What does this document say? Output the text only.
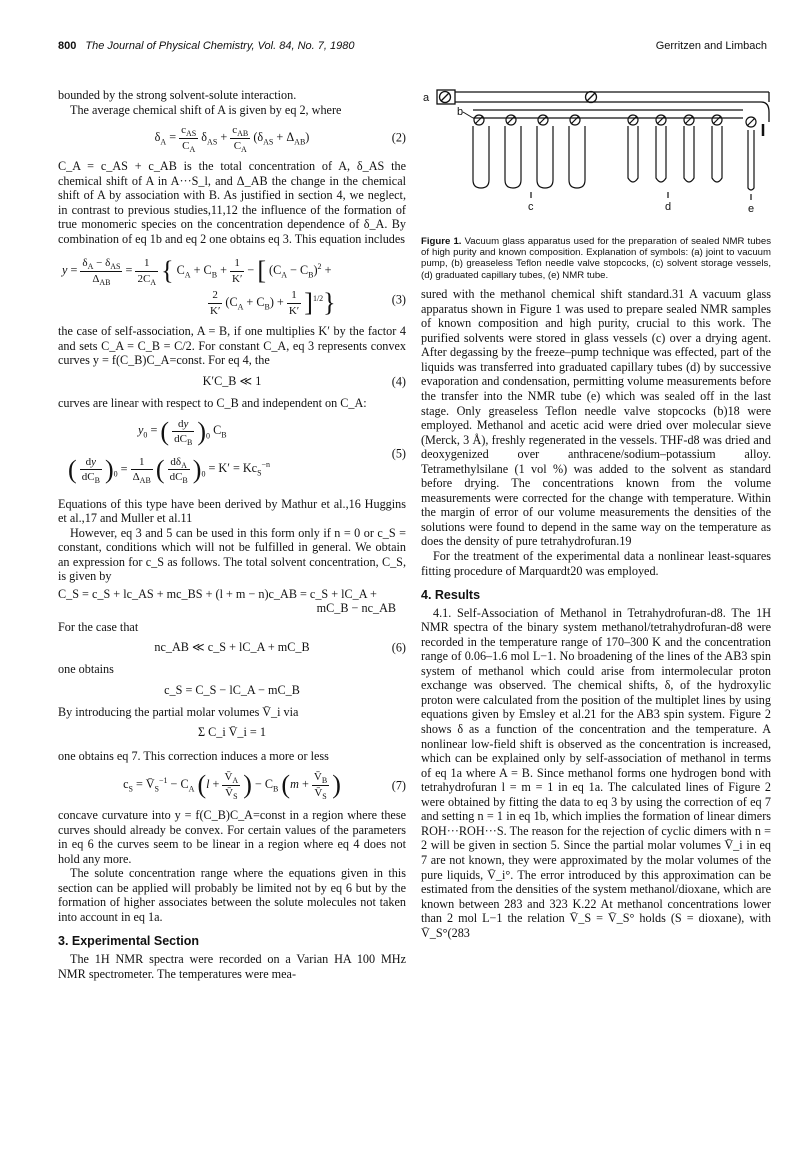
800 The Journal of Physical Chemistry, Vol. 84, No. 7, 1980	Gerritzen and Limbach

bounded by the strong solvent-solute interaction.

The average chemical shift of A is given by eq 2, where

$\delta_A = c_{AS}$
$C_A$
$\delta_{AS} + c_{AB}$
$C_A$
$(\delta_{AS} + \Delta_{AB})$	(2)

C_A = c_AS + c_AB is the total concentration of A, δ_AS the chemical shift of A in A···S_l, and Δ_AB the change in the chemical shift of A by association with B. As justified in section 4, we neglect, in contrast to previous studies,11,12 the influence of the formation of true monomeric species on the concentration dependence of δ_A. By combination of eq 1b and eq 2 one obtains eq 3. This equation includes

$y = \delta_A - \delta_{AS}$
$\Delta_{AB}$
= $\frac{1}{2C_A}$ { $C_A + C_B + \frac{1}{K'}$ − [ $(C_A - C_B)^2$ +
$\frac{2}{K'} (C_A + C_B) + \frac{1}{K'} ]^{1/2}$}	(3)

the case of self-association, A = B, if one multiplies K′ by the factor 4 and sets C_A = C_B = C/2. For constant C_A, eq 3 represents convex curves y = f(C_B)C_A=const. For eq 4, the

K′C_B ≪ 1	(4)

curves are linear with respect to C_B and independent on C_A:

$y_0$ = ( dy
$dC_B$ )$_0$ $C_B$
( dy
$dC_B$ )$_0 = 1$
$\Delta_{AB}$ ( $d\delta_A$
$dC_B$ )$_0 = K' = Kc_S^{-n}$
(5)

Equations of this type have been derived by Mathur et al.,16 Huggins et al.,17 and Muller et al.11

However, eq 3 and 5 can be used in this form only if n = 0 or c_S = constant, conditions which will not be fulfilled in general. We obtain an expression for c_S as follows. The total solvent concentration, C_S, is given by

C_S = c_S + lc_AS + mc_BS + (l + m − n)c_AB = c_S + lC_A +
mC_B − nc_AB

For the case that

nc_AB ≪ c_S + lC_A + mC_B	(6)

one obtains

c_S = C_S − lC_A − mC_B

By introducing the partial molar volumes V̄_i via

Σ C_i V̄_i = 1

one obtains eq 7. This correction induces a more or less

$c_S$ = $V̄_S^{-1} - C_A$ ($l + \frac{V̄_A}{V̄_S}$ ) − $C_B$ ($m + \frac{V̄_B}{V̄_S}$ )	(7)

concave curvature into y = f(C_B)C_A=const in a region where these curves should already be convex. For certain values of the parameters in eq 6 the curves seem to be linear in a region where eq 4 does not hold any more.

The solute concentration range where the equations given in this section can be applied will probably be limited not by eq 6 but by the formation of higher associates between the solute molecules not taken into account in eq 1a.

3. Experimental Section

The 1H NMR spectra were recorded on a Varian HA 100 MHz NMR spectrometer. The temperatures were mea-

a
b
c	d	e
Figure 1. Vacuum glass apparatus used for the preparation of sealed NMR tubes of high purity and known composition. Explanation of symbols: (a) joint to vacuum pump, (b) greaseless Teflon needle valve stopcocks, (c) solvent storage vessels, (d) graduated capillary tubes, (e) NMR tube.

sured with the methanol chemical shift standard.31 A vacuum glass apparatus shown in Figure 1 was used to prepare sealed NMR samples of known composition and high purity, crucial to this work. The purified solvents were stored in glass vessels (c) over a drying agent. After degassing by the freeze–pump technique was effected, part of the liquids was transferred into graduated capillary tubes (d) by successive evaporation and condensation, permitting volume measurements before the transfer into the NMR tube (e) which was sealed off in the last stage. Only greaseless Teflon needle valve stopcocks (b)18 were employed. Methanol and acetic acid were dried over molecular sieve (Merck, 3 Å), freshly regenerated in the vessels. THF-d8 was dried and deoxygenized over anthracene/sodium–potassium alloy. Tetramethylsilane (1 vol %) was added to the solvent as standard before drying. The concentrations known from the volume measurements were corrected for the change with temperature. Within the margin of error of our volume measurements the densities of the solutions were found to depend in the same way on the temperature as does the density of pure tetrahydrofuran.19

For the treatment of the experimental data a nonlinear least-squares fitting procedure of Marquardt20 was employed.

4. Results

4.1. Self-Association of Methanol in Tetrahydrofuran-d8. The 1H NMR spectra of the binary system methanol/tetrahydrofuran-d8 were recorded in the temperature range of 170–300 K and the concentration range of 0.06–1.6 mol L−1. No broadening of the lines of the AB3 spin system of methanol which could arise from intermolecular proton exchange was observed. The chemical shifts, δ, of the hydroxylic proton were calculated from the position of the multiplet lines by using equations given by Emsley et al.21 for the AB3 spin system. Figure 2 shows δ as a function of the concentration and the temperature. A nonlinear low-field shift is observed as the concentration is increased, which can be explained only by self-association of methanol in terms of eq 1a where A = B. Since methanol forms one hydrogen bond with tetrahydrofuran l = m = 1 in eq 1a. The calculated lines of Figure 2 were obtained by fitting the data to eq 3 by using the correction of eq 7 and setting n = 1 in eq 1b, which implies the formation of linear dimers ROH···ROH···S. The reason for the rejection of cyclic dimers with n = 2 will be given in section 5. Since the partial molar volumes V̄_i in eq 7 are not known, they were approximated by the molar volumes of the pure liquids, V̄_i°. The error introduced by this approximation can be estimated from the densities of the system methanol/dioxane, which are known between 283 and 323 K.22 At methanol concentrations lower than 2 mol L−1 the relation V̄_S = V̄_S° holds (S = dioxane), with V̄_S°(283
